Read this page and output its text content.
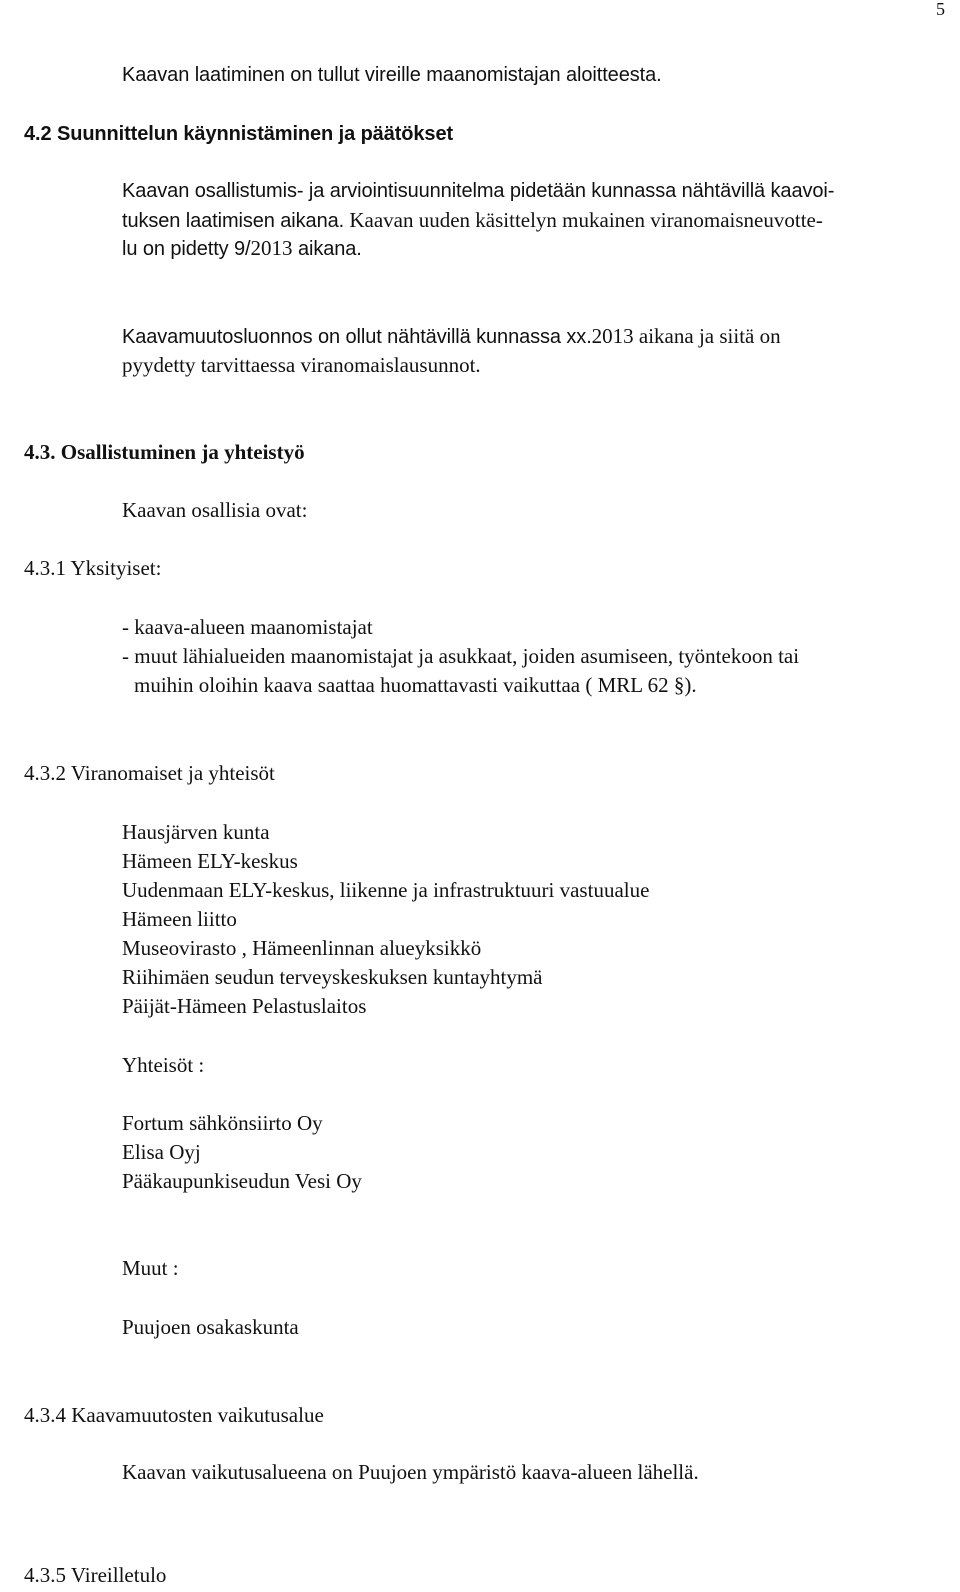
5
Kaavan laatiminen on tullut vireille maanomistajan aloitteesta.
4.2 Suunnittelun käynnistäminen ja päätökset
Kaavan osallistumis- ja arviointisuunnitelma pidetään kunnassa nähtävillä kaavoi-
tuksen laatimisen aikana. Kaavan uuden käsittelyn mukainen viranomaisneuvotte-
lu on pidetty 9/2013 aikana.
Kaavamuutosluonnos on ollut nähtävillä kunnassa xx.2013 aikana ja siitä on
pyydetty tarvittaessa viranomaislausunnot.
4.3. Osallistuminen ja yhteistyö
Kaavan osallisia ovat:
4.3.1 Yksityiset:
- kaava-alueen maanomistajat
- muut lähialueiden maanomistajat ja asukkaat, joiden asumiseen, työntekoon tai
muihin oloihin kaava saattaa huomattavasti vaikuttaa ( MRL 62 §).
4.3.2 Viranomaiset ja yhteisöt
Hausjärven kunta
Hämeen ELY-keskus
Uudenmaan ELY-keskus, liikenne ja infrastruktuuri vastuualue
Hämeen liitto
Museovirasto , Hämeenlinnan alueyksikkö
Riihimäen seudun terveyskeskuksen kuntayhtymä
Päijät-Hämeen Pelastuslaitos
Yhteisöt :
Fortum sähkönsiirto Oy
Elisa Oyj
Pääkaupunkiseudun Vesi Oy
Muut :
Puujoen osakaskunta
4.3.4 Kaavamuutosten vaikutusalue
Kaavan vaikutusalueena on Puujoen ympäristö kaava-alueen lähellä.
4.3.5 Vireilletulo
